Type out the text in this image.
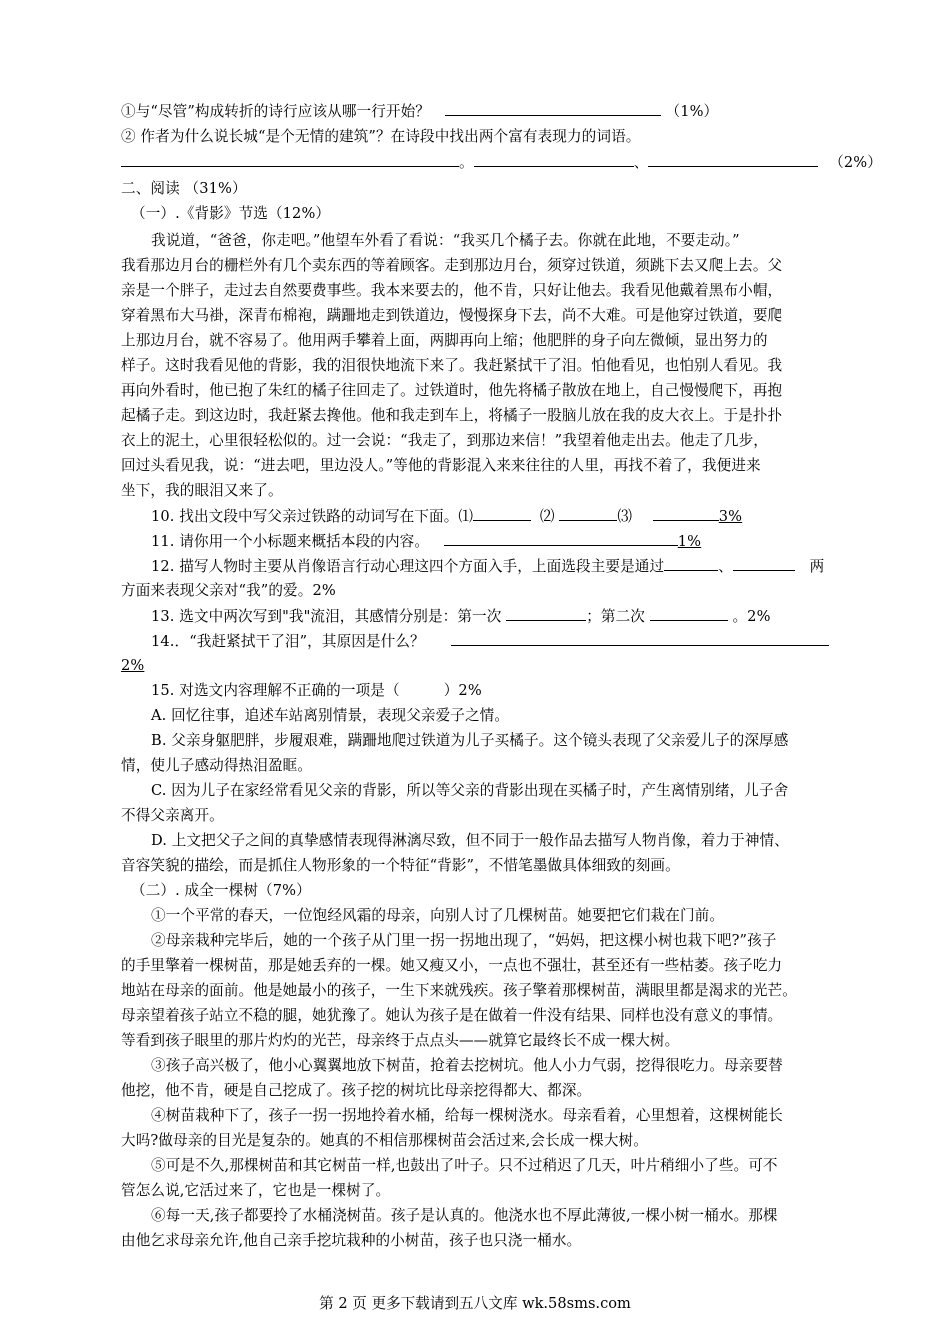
①与“尽管”构成转折的诗行应该从哪一行开始？	（1%）
② 作者为什么说长城“是个无情的建筑”？在诗段中找出两个富有表现力的词语。
。	、	（2%）
二、阅读 （31%）
（一）.《背影》节选（12%）
我说道，“爸爸，你走吧。”他望车外看了看说：“我买几个橘子去。你就在此地，不要走动。”
我看那边月台的栅栏外有几个卖东西的等着顾客。走到那边月台，须穿过铁道，须跳下去又爬上去。父
亲是一个胖子，走过去自然要费事些。我本来要去的，他不肯，只好让他去。我看见他戴着黑布小帽，
穿着黑布大马褂，深青布棉袍，蹒跚地走到铁道边，慢慢探身下去，尚不大难。可是他穿过铁道，要爬
上那边月台，就不容易了。他用两手攀着上面，两脚再向上缩；他肥胖的身子向左微倾，显出努力的
样子。这时我看见他的背影，我的泪很快地流下来了。我赶紧拭干了泪。怕他看见，也怕别人看见。我
再向外看时，他已抱了朱红的橘子往回走了。过铁道时，他先将橘子散放在地上，自己慢慢爬下，再抱
起橘子走。到这边时，我赶紧去搀他。他和我走到车上，将橘子一股脑儿放在我的皮大衣上。于是扑扑
衣上的泥土，心里很轻松似的。过一会说：“我走了，到那边来信！”我望着他走出去。他走了几步，
回过头看见我，说：“进去吧，里边没人。”等他的背影混入来来往往的人里，再找不着了，我便进来
坐下，我的眼泪又来了。
10. 找出文段中写父亲过铁路的动词写在下面。⑴	⑵	⑶	3%
11. 请你用一个小标题来概括本段的内容。	1%
12. 描写人物时主要从肖像语言行动心理这四个方面入手，上面选段主要是通过	、	两
方面来表现父亲对“我”的爱。2%
13. 选文中两次写到"我"流泪，其感情分别是：第一次	；第二次	。2%
14.．“我赶紧拭干了泪”，其原因是什么？
2%
15. 对选文内容理解不正确的一项是（　　　）2%
A. 回忆往事，追述车站离别情景，表现父亲爱子之情。
B. 父亲身躯肥胖，步履艰难，蹒跚地爬过铁道为儿子买橘子。这个镜头表现了父亲爱儿子的深厚感
情，使儿子感动得热泪盈眶。
C. 因为儿子在家经常看见父亲的背影，所以等父亲的背影出现在买橘子时，产生离情别绪，儿子舍
不得父亲离开。
D. 上文把父子之间的真挚感情表现得淋漓尽致，但不同于一般作品去描写人物肖像，着力于神情、
音容笑貌的描绘，而是抓住人物形象的一个特征“背影”，不惜笔墨做具体细致的刻画。
（二）. 成全一棵树（7%）
①一个平常的春天，一位饱经风霜的母亲，向别人讨了几棵树苗。她要把它们栽在门前。
②母亲栽种完毕后，她的一个孩子从门里一拐一拐地出现了，“妈妈，把这棵小树也栽下吧?”孩子
的手里擎着一棵树苗，那是她丢弃的一棵。她又瘦又小，一点也不强壮，甚至还有一些枯萎。孩子吃力
地站在母亲的面前。他是她最小的孩子，一生下来就残疾。孩子擎着那棵树苗，满眼里都是渴求的光芒。
母亲望着孩子站立不稳的腿，她犹豫了。她认为孩子是在做着一件没有结果、同样也没有意义的事情。
等看到孩子眼里的那片灼灼的光芒，母亲终于点点头——就算它最终长不成一棵大树。
③孩子高兴极了，他小心翼翼地放下树苗，抢着去挖树坑。他人小力气弱，挖得很吃力。母亲要替
他挖，他不肯，硬是自己挖成了。孩子挖的树坑比母亲挖得都大、都深。
④树苗栽种下了，孩子一拐一拐地拎着水桶，给每一棵树浇水。母亲看着，心里想着，这棵树能长
大吗?做母亲的目光是复杂的。她真的不相信那棵树苗会活过来,会长成一棵大树。
⑤可是不久,那棵树苗和其它树苗一样,也鼓出了叶子。只不过稍迟了几天，叶片稍细小了些。可不
管怎么说,它活过来了，它也是一棵树了。
⑥每一天,孩子都要拎了水桶浇树苗。孩子是认真的。他浇水也不厚此薄彼,一棵小树一桶水。那棵
由他乞求母亲允许,他自己亲手挖坑栽种的小树苗，孩子也只浇一桶水。
第 2 页 更多下载请到五八文库 wk.58sms.com
